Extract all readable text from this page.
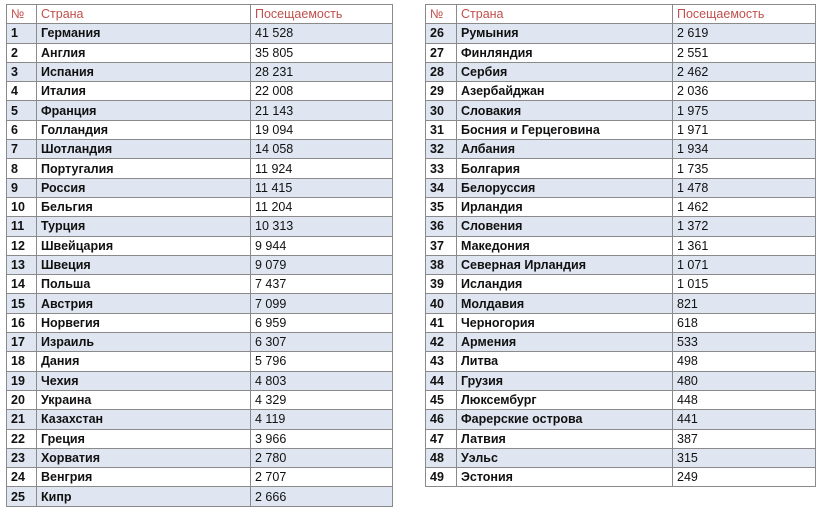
№	Страна	Посещаемость
1	Германия	41 528
2	Англия	35 805
3	Испания	28 231
4	Италия	22 008
5	Франция	21 143
6	Голландия	19 094
7	Шотландия	14 058
8	Португалия	11 924
9	Россия	11 415
10	Бельгия	11 204
11	Турция	10 313
12	Швейцария	9 944
13	Швеция	9 079
14	Польша	7 437
15	Австрия	7 099
16	Норвегия	6 959
17	Израиль	6 307
18	Дания	5 796
19	Чехия	4 803
20	Украина	4 329
21	Казахстан	4 119
22	Греция	3 966
23	Хорватия	2 780
24	Венгрия	2 707
25	Кипр	2 666
№	Страна	Посещаемость
26	Румыния	2 619
27	Финляндия	2 551
28	Сербия	2 462
29	Азербайджан	2 036
30	Словакия	1 975
31	Босния и Герцеговина	1 971
32	Албания	1 934
33	Болгария	1 735
34	Белоруссия	1 478
35	Ирландия	1 462
36	Словения	1 372
37	Македония	1 361
38	Северная Ирландия	1 071
39	Исландия	1 015
40	Молдавия	821
41	Черногория	618
42	Армения	533
43	Литва	498
44	Грузия	480
45	Люксембург	448
46	Фарерские острова	441
47	Латвия	387
48	Уэльс	315
49	Эстония	249
